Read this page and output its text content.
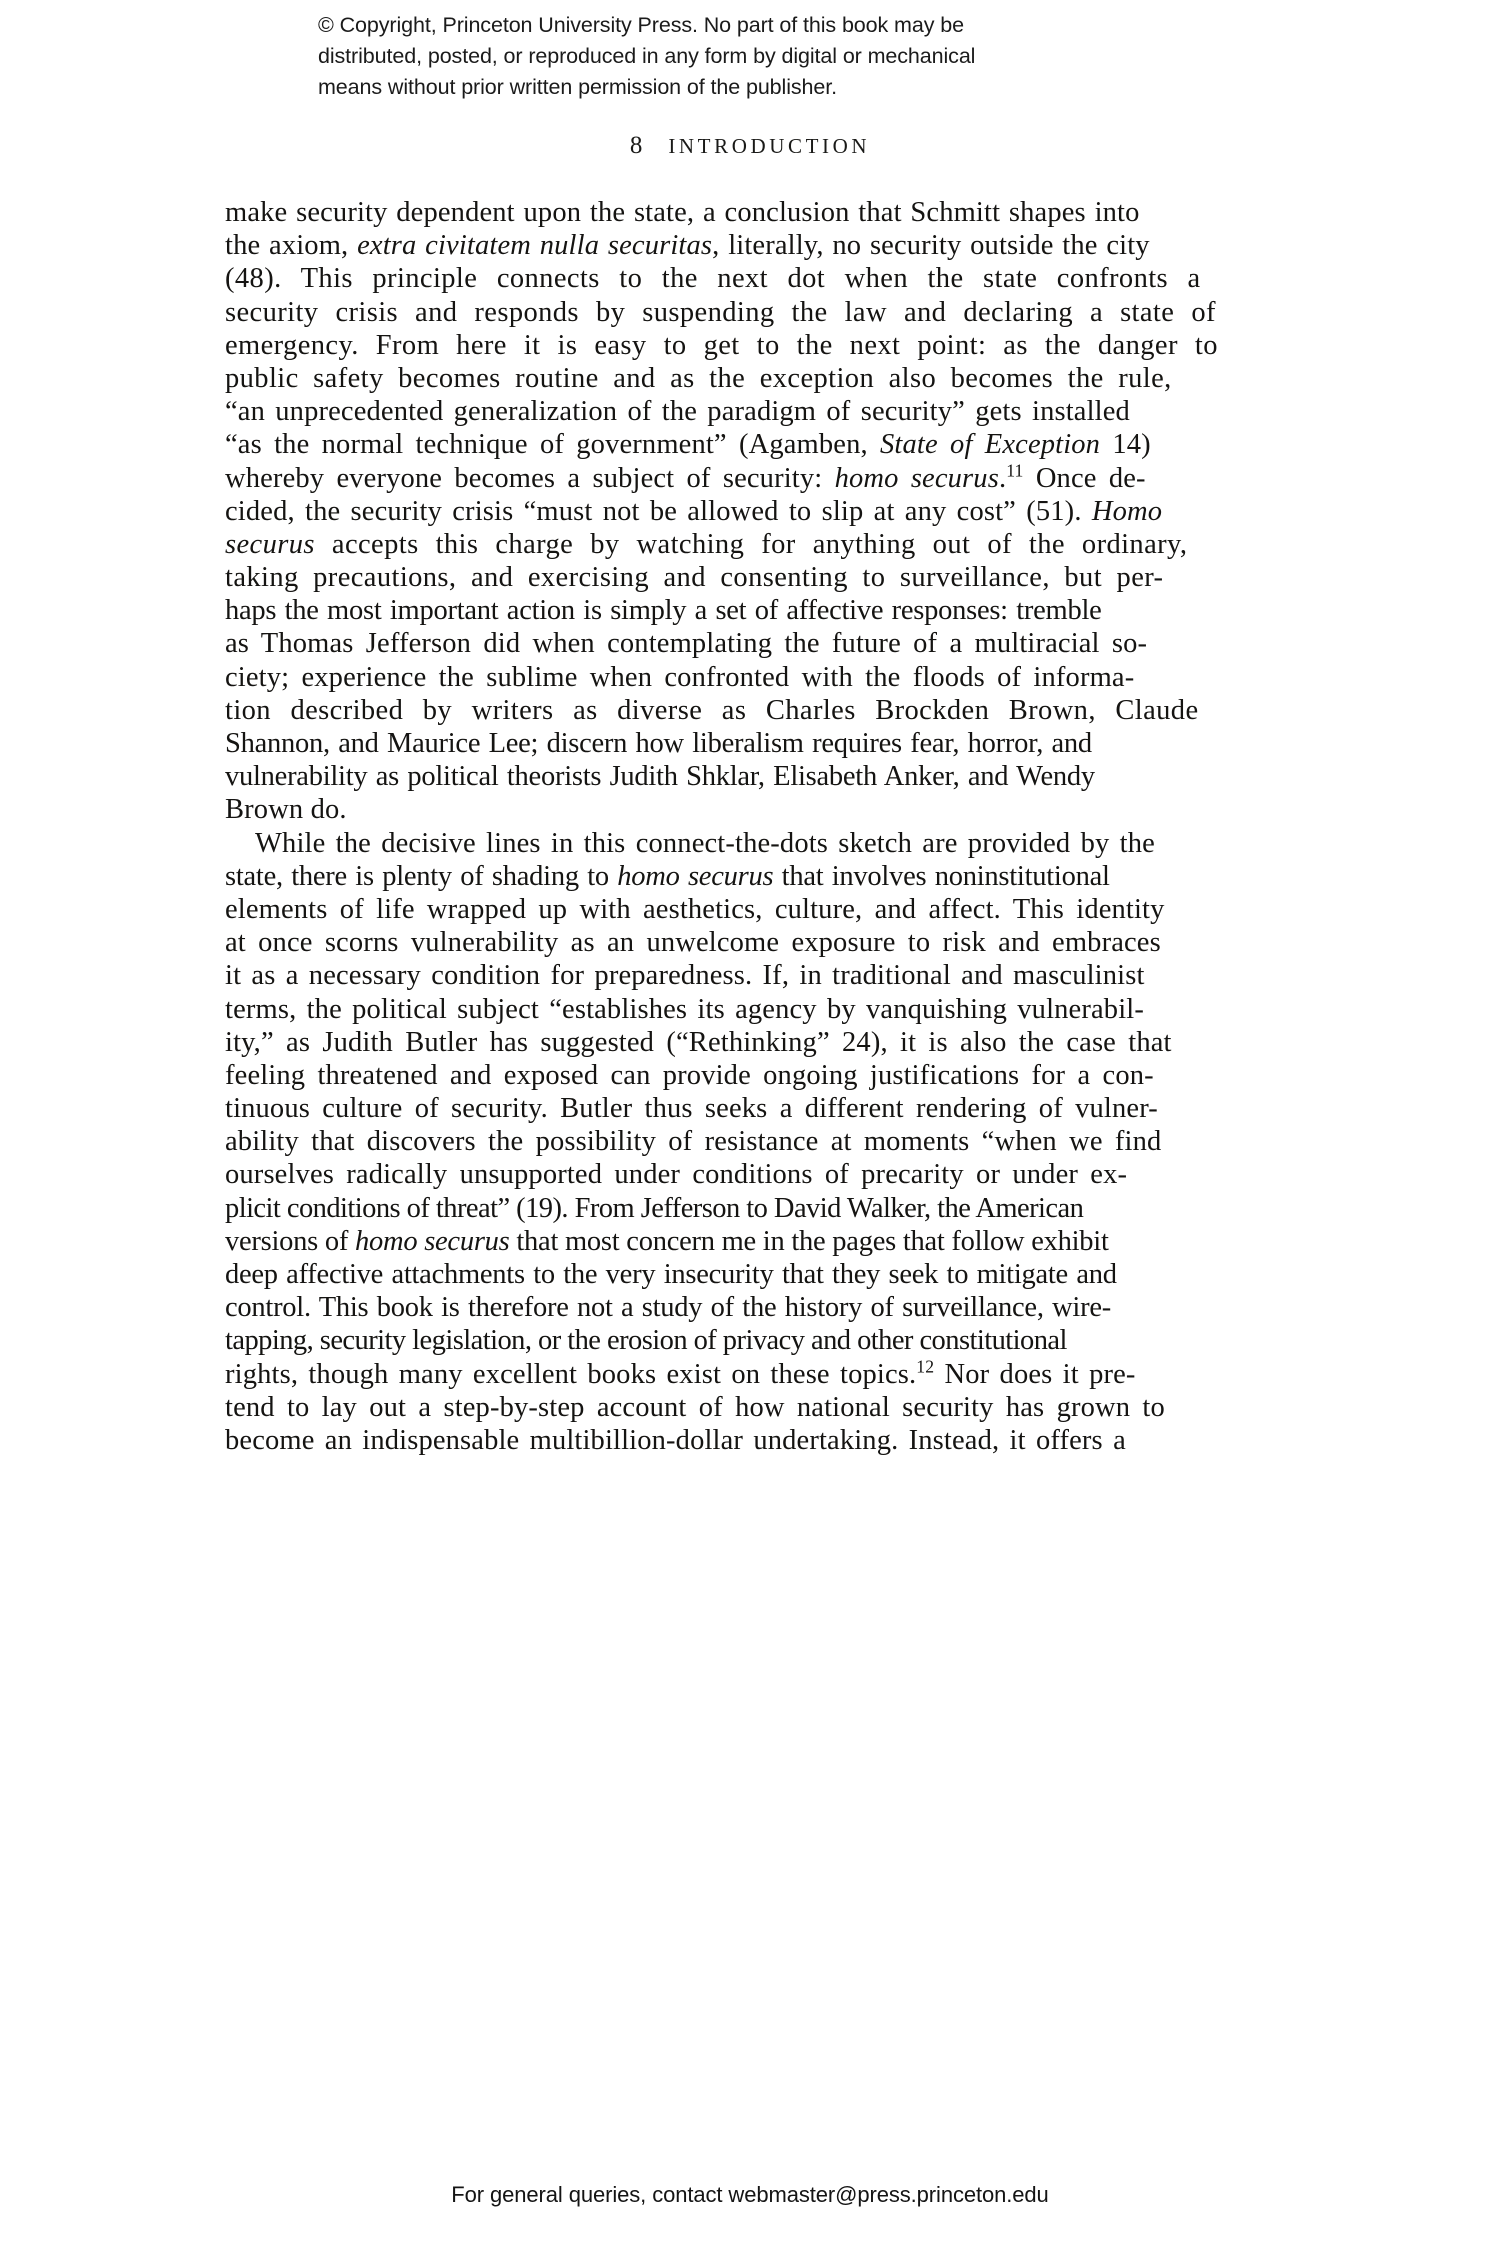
© Copyright, Princeton University Press. No part of this book may be
distributed, posted, or reproduced in any form by digital or mechanical
means without prior written permission of the publisher.
8 INTRODUCTION
make security dependent upon the state, a conclusion that Schmitt shapes into
the axiom, extra civitatem nulla securitas, literally, no security outside the city
(48). This principle connects to the next dot when the state confronts a
security crisis and responds by suspending the law and declaring a state of
emergency. From here it is easy to get to the next point: as the danger to
public safety becomes routine and as the exception also becomes the rule,
“an unprecedented generalization of the paradigm of security” gets installed
“as the normal technique of government” (Agamben, State of Exception 14)
whereby everyone becomes a subject of security: homo securus.$^{11}$ Once de-
cided, the security crisis “must not be allowed to slip at any cost” (51). Homo
securus accepts this charge by watching for anything out of the ordinary,
taking precautions, and exercising and consenting to surveillance, but per-
haps the most important action is simply a set of affective responses: tremble
as Thomas Jefferson did when contemplating the future of a multiracial so-
ciety; experience the sublime when confronted with the floods of informa-
tion described by writers as diverse as Charles Brockden Brown, Claude
Shannon, and Maurice Lee; discern how liberalism requires fear, horror, and
vulnerability as political theorists Judith Shklar, Elisabeth Anker, and Wendy
Brown do.
While the decisive lines in this connect-the-dots sketch are provided by the
state, there is plenty of shading to homo securus that involves noninstitutional
elements of life wrapped up with aesthetics, culture, and affect. This identity
at once scorns vulnerability as an unwelcome exposure to risk and embraces
it as a necessary condition for preparedness. If, in traditional and masculinist
terms, the political subject “establishes its agency by vanquishing vulnerabil-
ity,” as Judith Butler has suggested (“Rethinking” 24), it is also the case that
feeling threatened and exposed can provide ongoing justifications for a con-
tinuous culture of security. Butler thus seeks a different rendering of vulner-
ability that discovers the possibility of resistance at moments “when we find
ourselves radically unsupported under conditions of precarity or under ex-
plicit conditions of threat” (19). From Jefferson to David Walker, the American
versions of homo securus that most concern me in the pages that follow exhibit
deep affective attachments to the very insecurity that they seek to mitigate and
control. This book is therefore not a study of the history of surveillance, wire-
tapping, security legislation, or the erosion of privacy and other constitutional
rights, though many excellent books exist on these topics.$^{12}$ Nor does it pre-
tend to lay out a step-by-step account of how national security has grown to
become an indispensable multibillion-dollar undertaking. Instead, it offers a
For general queries, contact webmaster@press.princeton.edu
